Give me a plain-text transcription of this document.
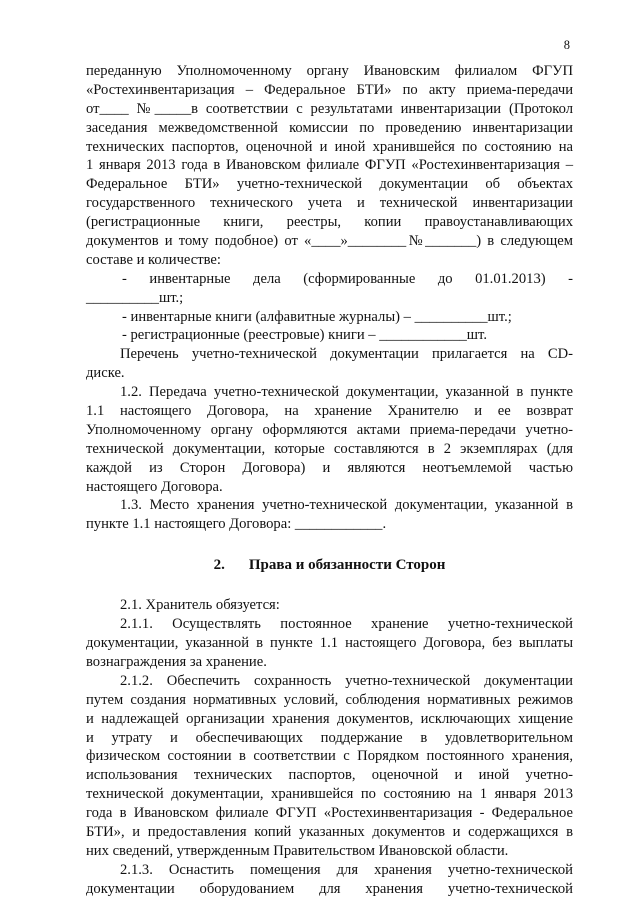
8
переданную Уполномоченному органу Ивановским филиалом ФГУП
«Ростехинвентаризация – Федеральное БТИ» по акту приема-передачи
от____ №_____в соответствии с результатами инвентаризации (Протокол
заседания межведомственной комиссии по проведению инвентаризации
технических паспортов, оценочной и иной хранившейся по состоянию на
1 января 2013 года в Ивановском филиале ФГУП «Ростехинвентаризация –
Федеральное БТИ» учетно-технической документации об объектах
государственного технического учета и технической инвентаризации
(регистрационные книги, реестры, копии правоустанавливающих
документов и тому подобное) от «____»________№_______) в следующем
составе и количестве:
- инвентарные дела (сформированные до 01.01.2013) -
__________шт.;
- инвентарные книги (алфавитные журналы) – __________шт.;
- регистрационные (реестровые) книги – ____________шт.
Перечень учетно-технической документации прилагается на CD-
диске.
1.2. Передача учетно-технической документации, указанной в пункте
1.1 настоящего Договора, на хранение Хранителю и ее возврат
Уполномоченному органу оформляются актами приема-передачи учетно-
технической документации, которые составляются в 2 экземплярах (для
каждой из Сторон Договора) и являются неотъемлемой частью
настоящего Договора.
1.3. Место хранения учетно-технической документации, указанной в
пункте 1.1 настоящего Договора: ____________.
2. Права и обязанности Сторон
2.1. Хранитель обязуется:
2.1.1. Осуществлять постоянное хранение учетно-технической
документации, указанной в пункте 1.1 настоящего Договора, без выплаты
вознаграждения за хранение.
2.1.2. Обеспечить сохранность учетно-технической документации
путем создания нормативных условий, соблюдения нормативных режимов
и надлежащей организации хранения документов, исключающих хищение
и утрату и обеспечивающих поддержание в удовлетворительном
физическом состоянии в соответствии с Порядком постоянного хранения,
использования технических паспортов, оценочной и иной учетно-
технической документации, хранившейся по состоянию на 1 января 2013
года в Ивановском филиале ФГУП «Ростехинвентаризация - Федеральное
БТИ», и предоставления копий указанных документов и содержащихся в
них сведений, утвержденным Правительством Ивановской области.
2.1.3. Оснастить помещения для хранения учетно-технической
документации оборудованием для хранения учетно-технической
